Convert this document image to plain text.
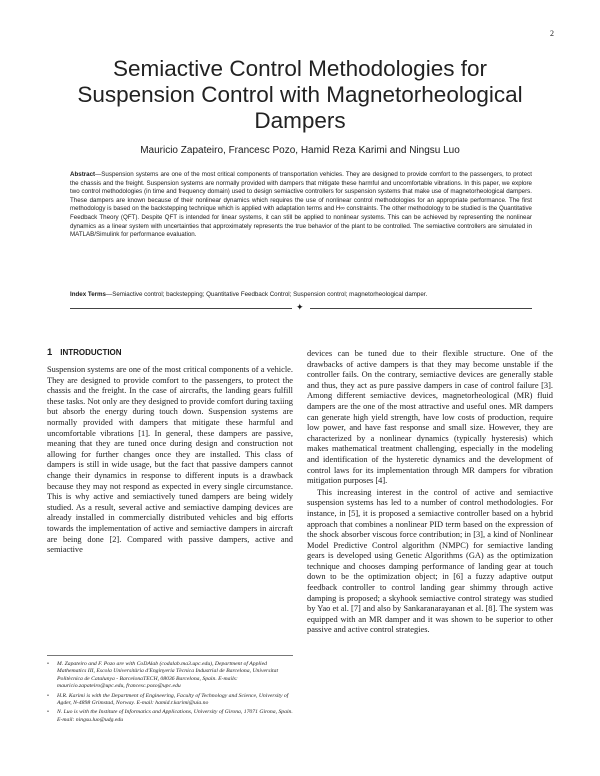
2
Semiactive Control Methodologies for
Suspension Control with Magnetorheological
Dampers
Mauricio Zapateiro, Francesc Pozo, Hamid Reza Karimi and Ningsu Luo
Abstract—Suspension systems are one of the most critical components of transportation vehicles. They are designed to provide comfort to the passengers, to protect the chassis and the freight. Suspension systems are normally provided with dampers that mitigate these harmful and uncomfortable vibrations. In this paper, we explore two control methodologies (in time and frequency domain) used to design semiactive controllers for suspension systems that make use of magnetorheological dampers. These dampers are known because of their nonlinear dynamics which requires the use of nonlinear control methodologies for an appropriate performance. The first methodology is based on the backstepping technique which is applied with adaptation terms and H∞ constraints. The other methodology to be studied is the Quantitative Feedback Theory (QFT). Despite QFT is intended for linear systems, it can still be applied to nonlinear systems. This can be achieved by representing the nonlinear dynamics as a linear system with uncertainties that approximately represents the true behavior of the plant to be controlled. The semiactive controllers are simulated in MATLAB/Simulink for performance evaluation.
Index Terms—Semiactive control; backstepping; Quantitative Feedback Control; Suspension control; magnetorheological damper.
✦
1 INTRODUCTION

Suspension systems are one of the most critical components of a vehicle. They are designed to provide comfort to the passengers, to protect the chassis and the freight. In the case of aircrafts, the landing gears fulfill these tasks. Not only are they designed to provide comfort during taxiing but absorb the energy during touch down. Suspension systems are normally provided with dampers that mitigate these harmful and uncomfortable vibrations [1]. In general, these dampers are passive, meaning that they are tuned once during design and construction not allowing for further changes once they are installed. This class of dampers is still in wide usage, but the fact that passive dampers cannot change their dynamics in response to different inputs is a drawback because they may not respond as expected in every single circumstance. This is why active and semiactively tuned dampers are being widely studied. As a result, several active and semiactive damping devices are already installed in commercially distributed vehicles and big efforts towards the implementation of active and semiactive dampers in aircraft are being done [2]. Compared with passive dampers, active and semiactive

devices can be tuned due to their flexible structure. One of the drawbacks of active dampers is that they may become unstable if the controller fails. On the contrary, semiactive devices are generally stable and thus, they act as pure passive dampers in case of control failure [3]. Among different semiactive devices, magnetorheological (MR) fluid dampers are the one of the most attractive and useful ones. MR dampers can generate high yield strength, have low costs of production, require low power, and have fast response and small size. However, they are characterized by a nonlinear dynamics (typically hysteresis) which makes mathematical treatment challenging, especially in the modeling and identification of the hysteretic dynamics and the development of control laws for its implementation through MR dampers for vibration mitigation purposes [4].

This increasing interest in the control of active and semiactive suspension systems has led to a number of control methodologies. For instance, in [5], it is proposed a semiactive controller based on a hybrid approach that combines a nonlinear PID term based on the expression of the shock absorber viscous force contribution; in [3], a kind of Nonlinear Model Predictive Control algorithm (NMPC) for semiactive landing gears is developed using Genetic Algorithms (GA) as the optimization technique and chooses damping performance of landing gear at touch down to be the optimization object; in [6] a fuzzy adaptive output feedback controller to control landing gear shimmy through active damping is proposed; a skyhook semiactive control strategy was studied by Yao et al. [7] and also by Sankaranarayanan et al. [8]. The system was equipped with an MR damper and it was shown to be superior to other passive and active control strategies.

• M. Zapateiro and F. Pozo are with CoDAlab (codalab.ma3.upc.edu), Department of Applied Mathematics III, Escola Universitària d'Enginyeria Tècnica Industrial de Barcelona, Universitat Politècnica de Catalunya - BarcelonaTECH, 08036 Barcelona, Spain. E-mails: mauricio.zapateiro@upc.edu, francesc.pozo@upc.edu
• H.R. Karimi is with the Department of Engineering, Faculty of Technology and Science, University of Agder, N-4898 Grimstad, Norway. E-mail: hamid.r.karimi@uia.no
• N. Luo is with the Institute of Informatics and Applications, University of Girona, 17071 Girona, Spain. E-mail: ningsu.luo@udg.edu
